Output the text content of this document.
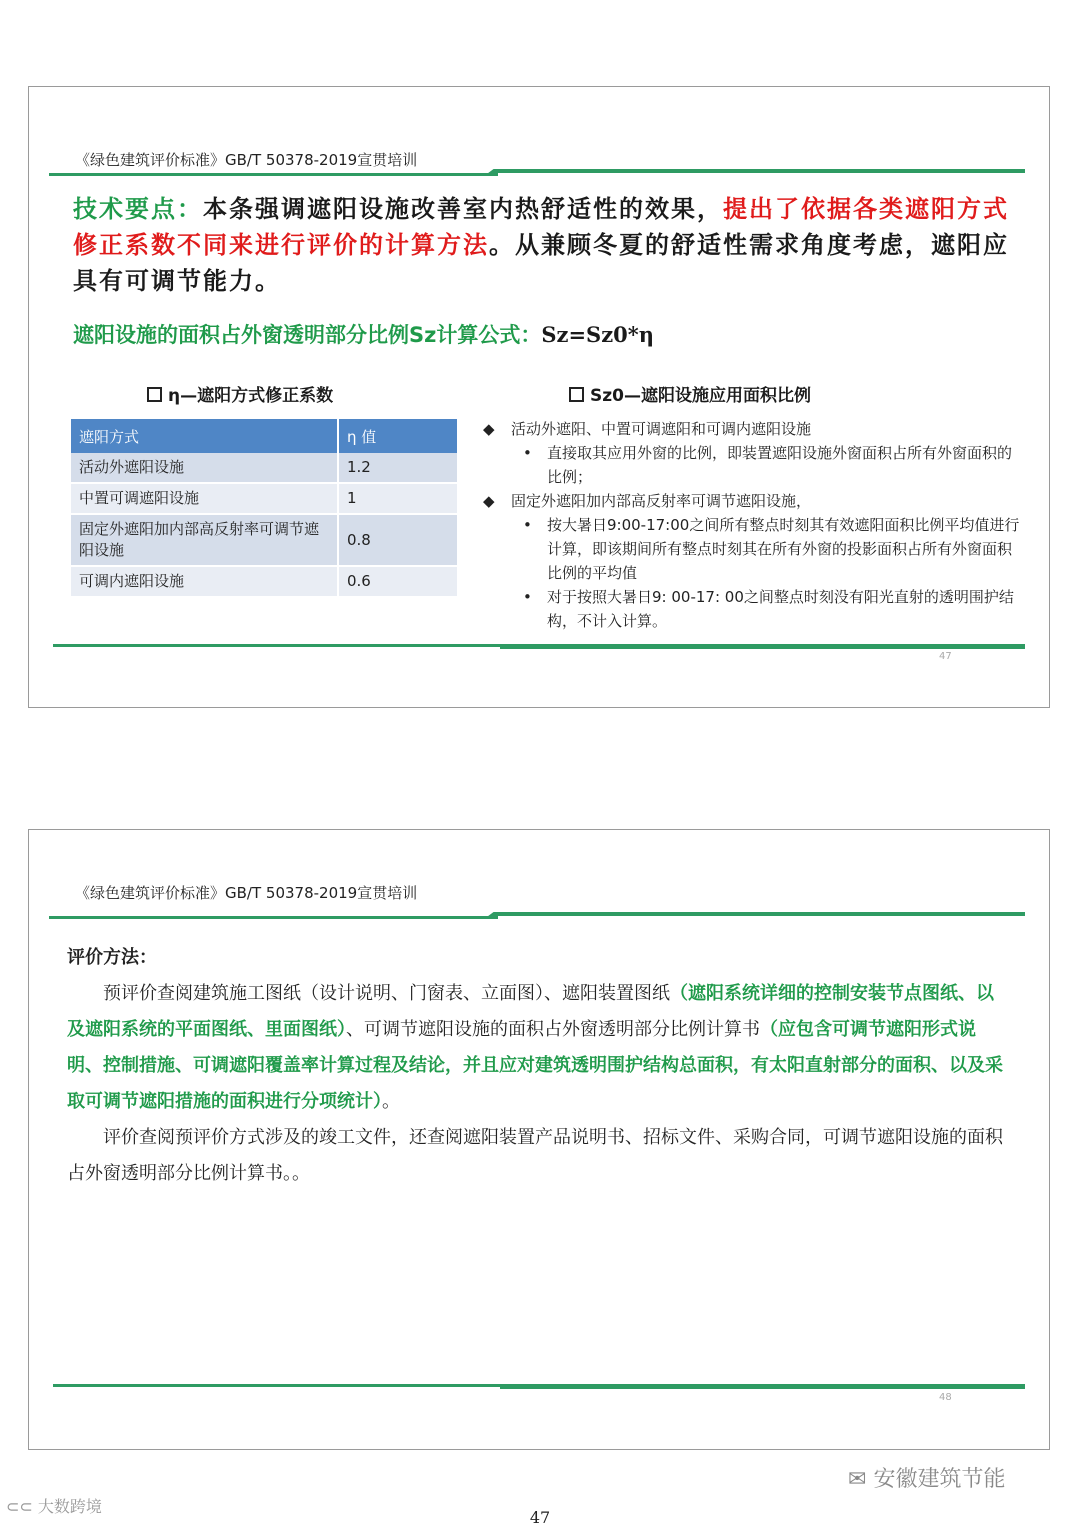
《绿色建筑评价标准》GB/T 50378-2019宣贯培训
技术要点：本条强调遮阳设施改善室内热舒适性的效果，提出了依据各类遮阳方式修正系数不同来进行评价的计算方法。从兼顾冬夏的舒适性需求角度考虑，遮阳应具有可调节能力。
遮阳设施的面积占外窗透明部分比例Sz计算公式：Sz=Sz0*η
η—遮阳方式修正系数	Sz0—遮阳设施应用面积比例
遮阳方式	η 值
活动外遮阳设施	1.2
中置可调遮阳设施	1
固定外遮阳加内部高反射率可调节遮阳设施	0.8
可调内遮阳设施	0.6
◆ 活动外遮阳、中置可调遮阳和可调内遮阳设施
• 直接取其应用外窗的比例，即装置遮阳设施外窗面积占所有外窗面积的比例；
◆ 固定外遮阳加内部高反射率可调节遮阳设施，
• 按大暑日9:00-17:00之间所有整点时刻其有效遮阳面积比例平均值进行计算，即该期间所有整点时刻其在所有外窗的投影面积占所有外窗面积比例的平均值
• 对于按照大暑日9: 00-17: 00之间整点时刻没有阳光直射的透明围护结构，不计入计算。
47
《绿色建筑评价标准》GB/T 50378-2019宣贯培训
评价方法：

预评价查阅建筑施工图纸（设计说明、门窗表、立面图）、遮阳装置图纸（遮阳系统详细的控制安装节点图纸、以及遮阳系统的平面图纸、里面图纸）、可调节遮阳设施的面积占外窗透明部分比例计算书（应包含可调节遮阳形式说明、控制措施、可调遮阳覆盖率计算过程及结论，并且应对建筑透明围护结构总面积，有太阳直射部分的面积、以及采取可调节遮阳措施的面积进行分项统计）。

评价查阅预评价方式涉及的竣工文件，还查阅遮阳装置产品说明书、招标文件、采购合同，可调节遮阳设施的面积占外窗透明部分比例计算书。。

48
⊂⊂ 大数跨境
✉ 安徽建筑节能
47
